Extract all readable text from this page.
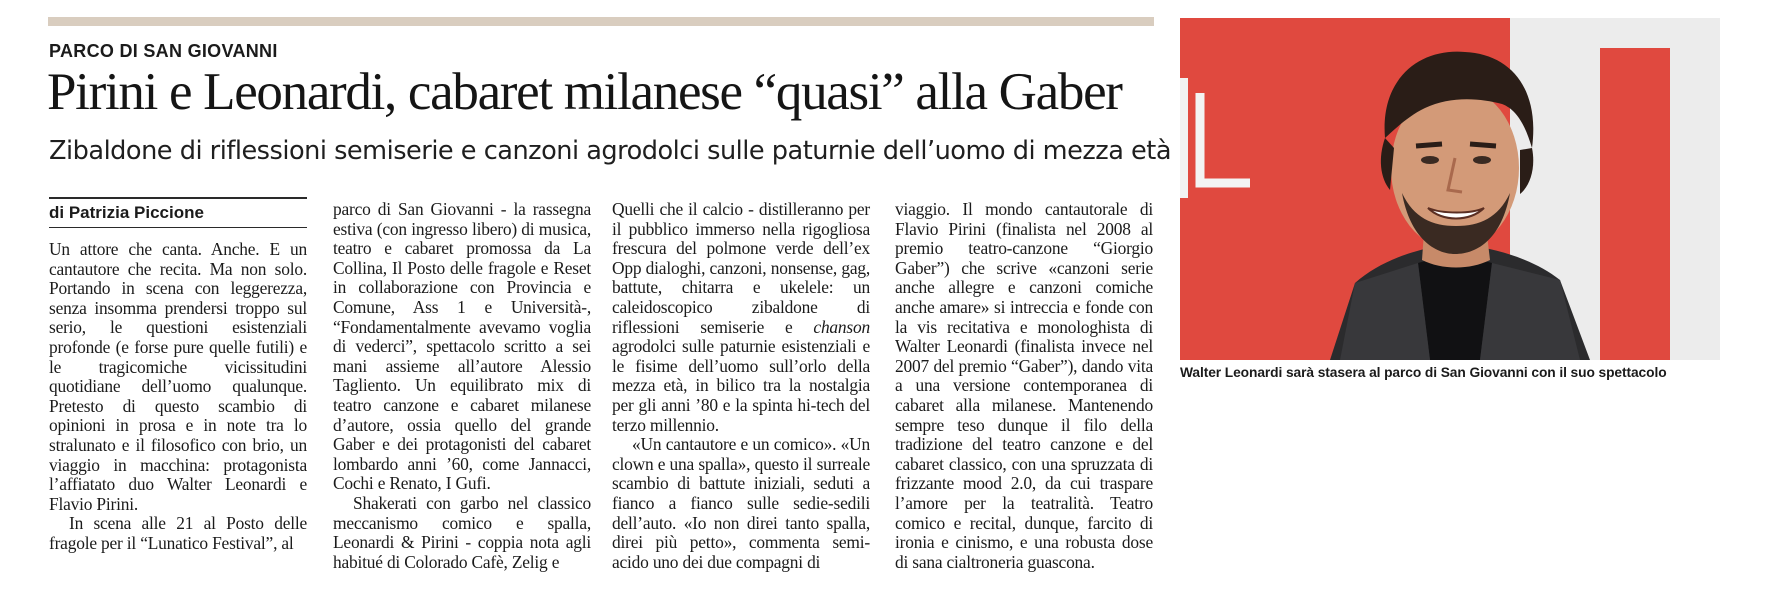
PARCO DI SAN GIOVANNI
Pirini e Leonardi, cabaret milanese “quasi” alla Gaber
Zibaldone di riflessioni semiserie e canzoni agrodolci sulle paturnie dell’uomo di mezza età
di Patrizia Piccione

Un attore che canta. Anche. E un cantautore che recita. Ma non solo. Portando in scena con leggerezza, senza insomma prendersi troppo sul serio, le questioni esistenziali profonde (e forse pure quelle futili) e le tragicomiche vicissitudini quotidiane dell’uomo qualunque. Pretesto di questo scambio di opinioni in prosa e in note tra lo stralunato e il filosofico con brio, un viaggio in macchina: protagonista l’affiatato duo Walter Leonardi e Flavio Pirini.

In scena alle 21 al Posto delle fragole per il “Lunatico Festival”, al

parco di San Giovanni - la rassegna estiva (con ingresso libero) di musica, teatro e cabaret promossa da La Collina, Il Posto delle fragole e Reset in collaborazione con Provincia e Comune, Ass 1 e Università-, “Fondamentalmente avevamo voglia di vederci”, spettacolo scritto a sei mani assieme all’autore Alessio Tagliento. Un equilibrato mix di teatro canzone e cabaret milanese d’autore, ossia quello del grande Gaber e dei protagonisti del cabaret lombardo anni ’60, come Jannacci, Cochi e Renato, I Gufi.

Shakerati con garbo nel classico meccanismo comico e spalla, Leonardi & Pirini - coppia nota agli habitué di Colorado Cafè, Zelig e

Quelli che il calcio - distilleranno per il pubblico immerso nella rigogliosa frescura del polmone verde dell’ex Opp dialoghi, canzoni, nonsense, gag, battute, chitarra e ukelele: un caleidoscopico zibaldone di riflessioni semiserie e chanson agrodolci sulle paturnie esistenziali e le fisime dell’uomo sull’orlo della mezza età, in bilico tra la nostalgia per gli anni ’80 e la spinta hi-tech del terzo millennio.

«Un cantautore e un comico». «Un clown e una spalla», questo il surreale scambio di battute iniziali, seduti a fianco a fianco sulle sedie-sedili dell’auto. «Io non direi tanto spalla, direi più petto», commenta semi-acido uno dei due compagni di

viaggio. Il mondo cantautorale di Flavio Pirini (finalista nel 2008 al premio teatro-canzone “Giorgio Gaber”) che scrive «canzoni serie anche allegre e canzoni comiche anche amare» si intreccia e fonde con la vis recitativa e monologhista di Walter Leonardi (finalista invece nel 2007 del premio “Gaber”), dando vita a una versione contemporanea di cabaret alla milanese. Mantenendo sempre teso dunque il filo della tradizione del teatro canzone e del cabaret classico, con una spruzzata di frizzante mood 2.0, da cui traspare l’amore per la teatralità. Teatro comico e recital, dunque, farcito di ironia e cinismo, e una robusta dose di sana cialtroneria guascona.

Walter Leonardi sarà stasera al parco di San Giovanni con il suo spettacolo
